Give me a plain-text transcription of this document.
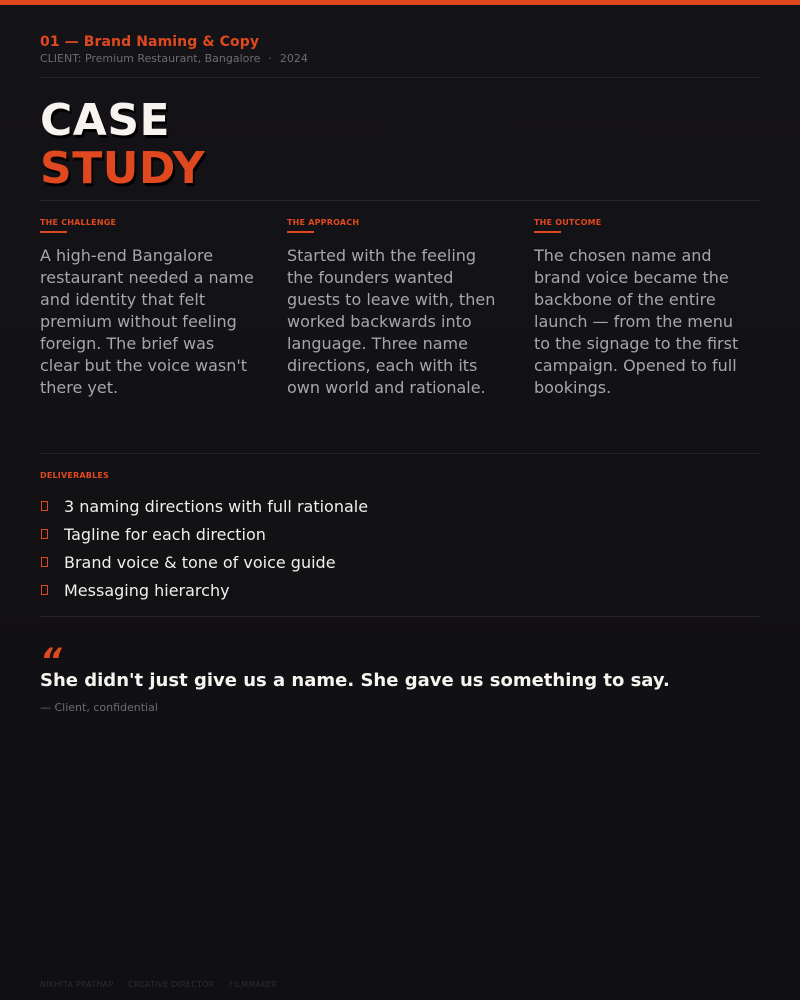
01 — Brand Naming & Copy
CLIENT: Premium Restaurant, Bangalore · 2024
CASE
STUDY
THE CHALLENGE
A high-end Bangalore restaurant needed a name and identity that felt premium without feeling foreign. The brief was clear but the voice wasn't there yet.
THE APPROACH
Started with the feeling the founders wanted guests to leave with, then worked backwards into language. Three name directions, each with its own world and rationale.
THE OUTCOME
The chosen name and brand voice became the backbone of the entire launch — from the menu to the signage to the first campaign. Opened to full bookings.
DELIVERABLES
3 naming directions with full rationale
Tagline for each direction
Brand voice & tone of voice guide
Messaging hierarchy
“
She didn't just give us a name. She gave us something to say.
— Client, confidential
NIKHITA PRATHAP · CREATIVE DIRECTOR · FILMMAKER
